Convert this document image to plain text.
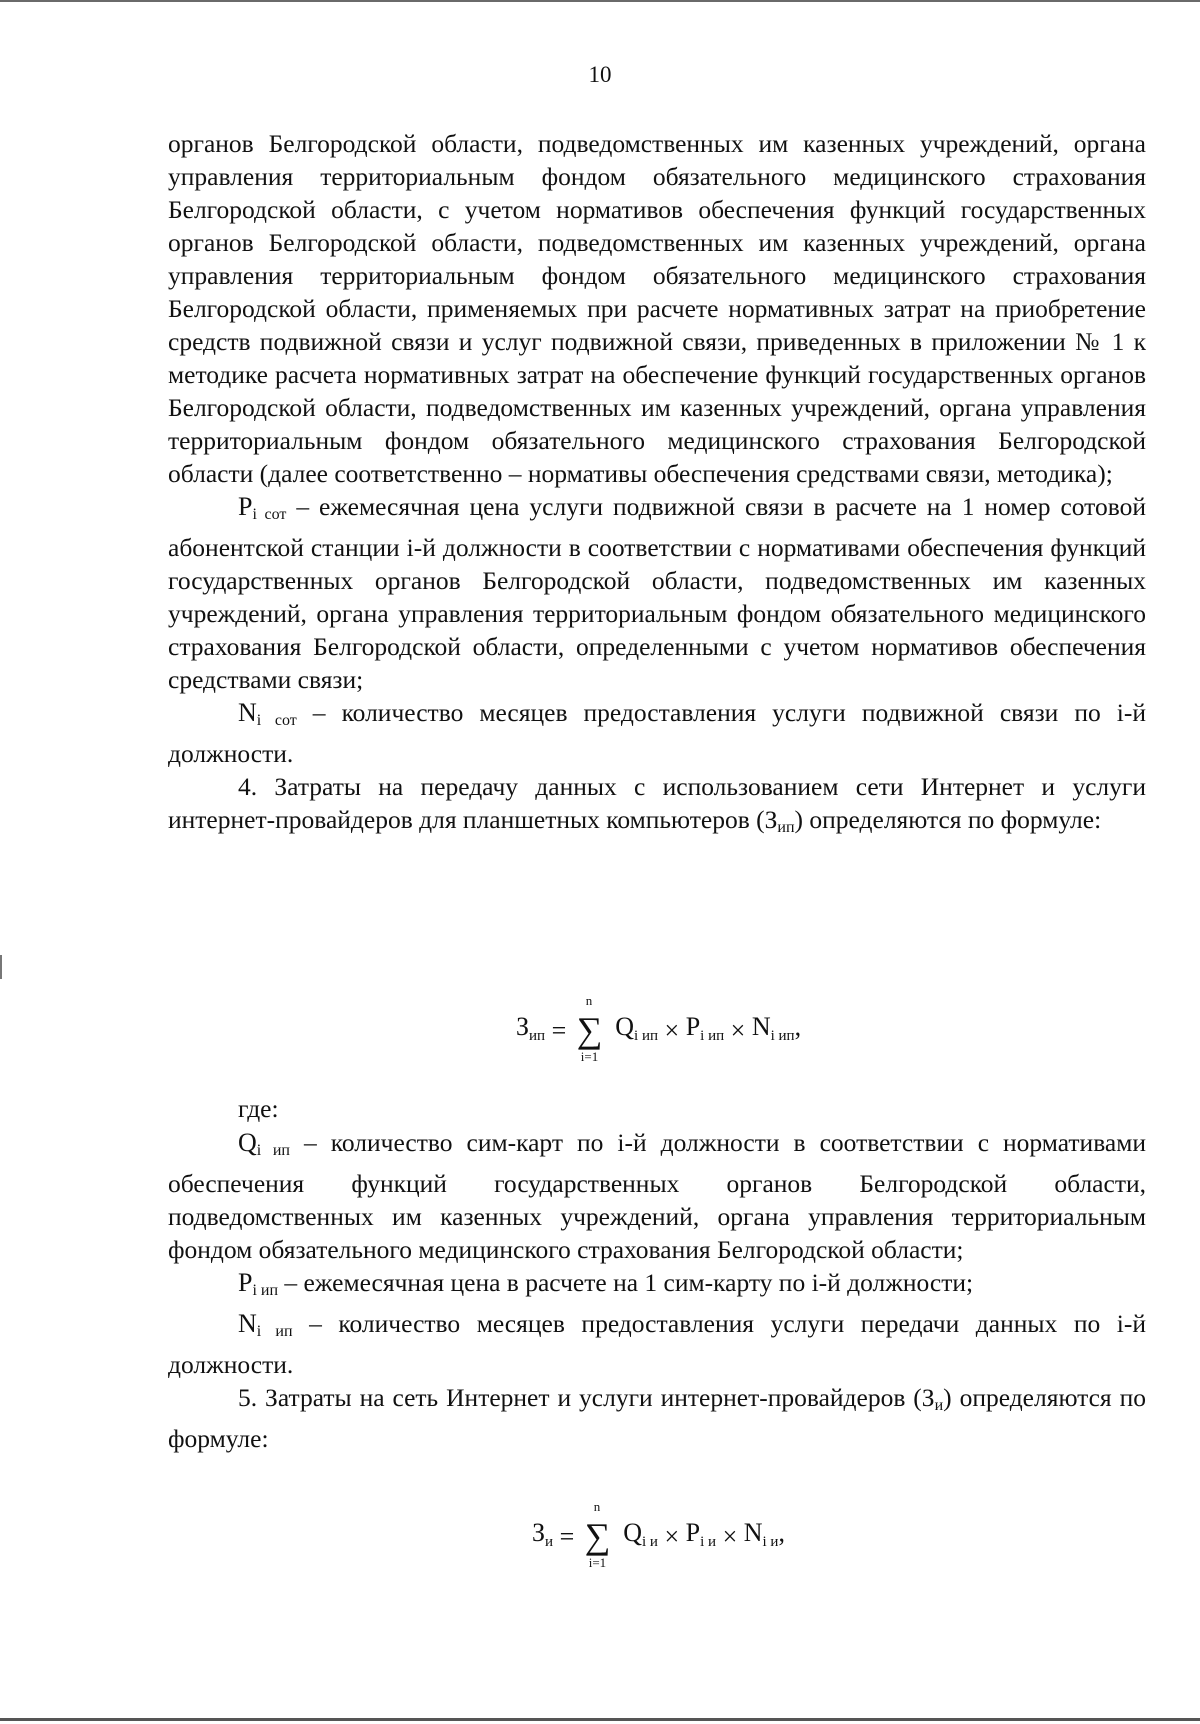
10

органов Белгородской области, подведомственных им казенных учреждений, органа управления территориальным фондом обязательного медицинского страхования Белгородской области, с учетом нормативов обеспечения функций государственных органов Белгородской области, подведомственных им казенных учреждений, органа управления территориальным фондом обязательного медицинского страхования Белгородской области, применяемых при расчете нормативных затрат на приобретение средств подвижной связи и услуг подвижной связи, приведенных в приложении № 1 к методике расчета нормативных затрат на обеспечение функций государственных органов Белгородской области, подведомственных им казенных учреждений, органа управления территориальным фондом обязательного медицинского страхования Белгородской области (далее соответственно – нормативы обеспечения средствами связи, методика);

$P_{i сот}$ – ежемесячная цена услуги подвижной связи в расчете на 1 номер сотовой абонентской станции i-й должности в соответствии с нормативами обеспечения функций государственных органов Белгородской области, подведомственных им казенных учреждений, органа управления территориальным фондом обязательного медицинского страхования Белгородской области, определенными с учетом нормативов обеспечения средствами связи;

$N_{i сот}$ – количество месяцев предоставления услуги подвижной связи по i-й должности.

4. Затраты на передачу данных с использованием сети Интернет и услуги интернет-провайдеров для планшетных компьютеров $(З_{ип})$ определяются по формуле:

Зип =
n
∑
i=1
Qi ип × Pi ип × Ni ип,
где:

$Q_{i ип}$ – количество сим-карт по i-й должности в соответствии с нормативами обеспечения функций государственных органов Белгородской области, подведомственных им казенных учреждений, органа управления территориальным фондом обязательного медицинского страхования Белгородской области;

$P_{i ип}$ – ежемесячная цена в расчете на 1 сим-карту по i-й должности;

$N_{i ип}$ – количество месяцев предоставления услуги передачи данных по i-й должности.

5. Затраты на сеть Интернет и услуги интернет-провайдеров $(З_и)$ определяются по формуле:

Зи =
n
∑
i=1
Qi и × Pi и × Ni и,
